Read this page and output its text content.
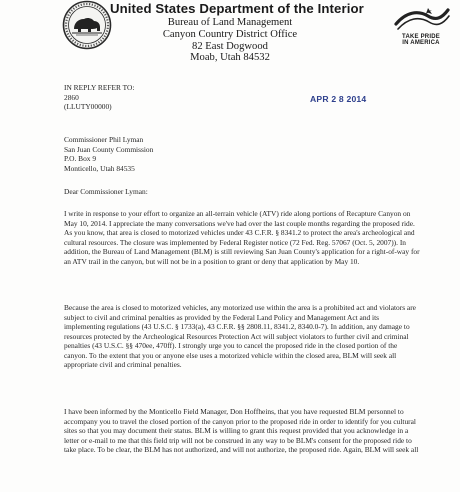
United States Department of the Interior
Bureau of Land Management
Canyon Country District Office
82 East Dogwood
Moab, Utah 84532
TAKE PRIDE
IN AMERICA
IN REPLY REFER TO:
2860
(LLUTY00000)
APR 2 8 2014
Commissioner Phil Lyman
San Juan County Commission
P.O. Box 9
Monticello, Utah 84535
Dear Commissioner Lyman:

I write in response to your effort to organize an all-terrain vehicle (ATV) ride along portions of Recapture Canyon on May 10, 2014. I appreciate the many conversations we've had over the last couple months regarding the proposed ride. As you know, that area is closed to motorized vehicles under 43 C.F.R. § 8341.2 to protect the area's archeological and cultural resources. The closure was implemented by Federal Register notice (72 Fed. Reg. 57067 (Oct. 5, 2007)). In addition, the Bureau of Land Management (BLM) is still reviewing San Juan County's application for a right-of-way for an ATV trail in the canyon, but will not be in a position to grant or deny that application by May 10.

Because the area is closed to motorized vehicles, any motorized use within the area is a prohibited act and violators are subject to civil and criminal penalties as provided by the Federal Land Policy and Management Act and its implementing regulations (43 U.S.C. § 1733(a), 43 C.F.R. §§ 2808.11, 8341.2, 8340.0-7). In addition, any damage to resources protected by the Archeological Resources Protection Act will subject violators to further civil and criminal penalties (43 U.S.C. §§ 470ee, 470ff). I strongly urge you to cancel the proposed ride in the closed portion of the canyon. To the extent that you or anyone else uses a motorized vehicle within the closed area, BLM will seek all appropriate civil and criminal penalties.

I have been informed by the Monticello Field Manager, Don Hoffheins, that you have requested BLM personnel to accompany you to travel the closed portion of the canyon prior to the proposed ride in order to identify for you cultural sites so that you may document their status. BLM is willing to grant this request provided that you acknowledge in a letter or e-mail to me that this field trip will not be construed in any way to be BLM's consent for the proposed ride to take place. To be clear, the BLM has not authorized, and will not authorize, the proposed ride. Again, BLM will seek all
